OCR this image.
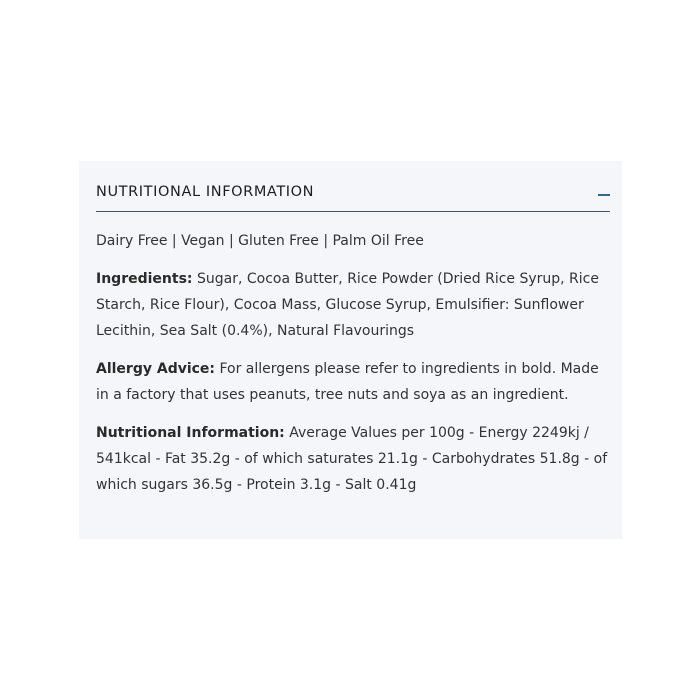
NUTRITIONAL INFORMATION

Dairy Free | Vegan | Gluten Free | Palm Oil Free

Ingredients: Sugar, Cocoa Butter, Rice Powder (Dried Rice Syrup, Rice Starch, Rice Flour), Cocoa Mass, Glucose Syrup, Emulsifier: Sunflower Lecithin, Sea Salt (0.4%), Natural Flavourings

Allergy Advice: For allergens please refer to ingredients in bold. Made in a factory that uses peanuts, tree nuts and soya as an ingredient.

Nutritional Information: Average Values per 100g - Energy 2249kj / 541kcal - Fat 35.2g - of which saturates 21.1g - Carbohydrates 51.8g - of which sugars 36.5g - Protein 3.1g - Salt 0.41g
